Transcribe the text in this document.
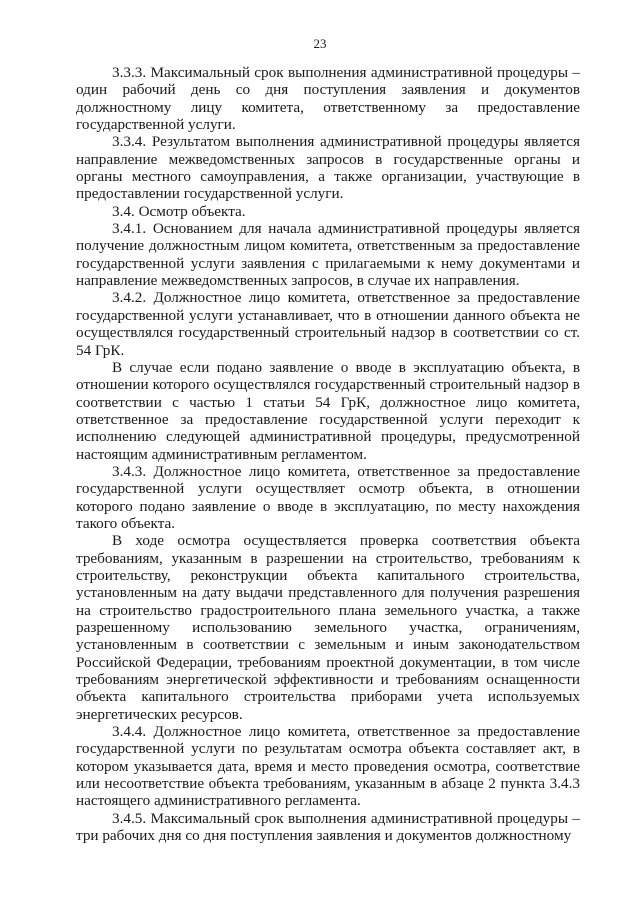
23

3.3.3. Максимальный срок выполнения административной процедуры – один рабочий день со дня поступления заявления и документов должностному лицу комитета, ответственному за предоставление государственной услуги.

3.3.4. Результатом выполнения административной процедуры является направление межведомственных запросов в государственные органы и органы местного самоуправления, а также организации, участвующие в предоставлении государственной услуги.

3.4. Осмотр объекта.

3.4.1. Основанием для начала административной процедуры является получение должностным лицом комитета, ответственным за предоставление государственной услуги заявления с прилагаемыми к нему документами и направление межведомственных запросов, в случае их направления.

3.4.2. Должностное лицо комитета, ответственное за предоставление государственной услуги устанавливает, что в отношении данного объекта не осуществлялся государственный строительный надзор в соответствии со ст. 54 ГрК.

В случае если подано заявление о вводе в эксплуатацию объекта, в отношении которого осуществлялся государственный строительный надзор в соответствии с частью 1 статьи 54 ГрК, должностное лицо комитета, ответственное за предоставление государственной услуги переходит к исполнению следующей административной процедуры, предусмотренной настоящим административным регламентом.

3.4.3. Должностное лицо комитета, ответственное за предоставление государственной услуги осуществляет осмотр объекта, в отношении которого подано заявление о вводе в эксплуатацию, по месту нахождения такого объекта.

В ходе осмотра осуществляется проверка соответствия объекта требованиям, указанным в разрешении на строительство, требованиям к строительству, реконструкции объекта капитального строительства, установленным на дату выдачи представленного для получения разрешения на строительство градостроительного плана земельного участка, а также разрешенному использованию земельного участка, ограничениям, установленным в соответствии с земельным и иным законодательством Российской Федерации, требованиям проектной документации, в том числе требованиям энергетической эффективности и требованиям оснащенности объекта капитального строительства приборами учета используемых энергетических ресурсов.

3.4.4. Должностное лицо комитета, ответственное за предоставление государственной услуги по результатам осмотра объекта составляет акт, в котором указывается дата, время и место проведения осмотра, соответствие или несоответствие объекта требованиям, указанным в абзаце 2 пункта 3.4.3 настоящего административного регламента.

3.4.5. Максимальный срок выполнения административной процедуры – три рабочих дня со дня поступления заявления и документов должностному
